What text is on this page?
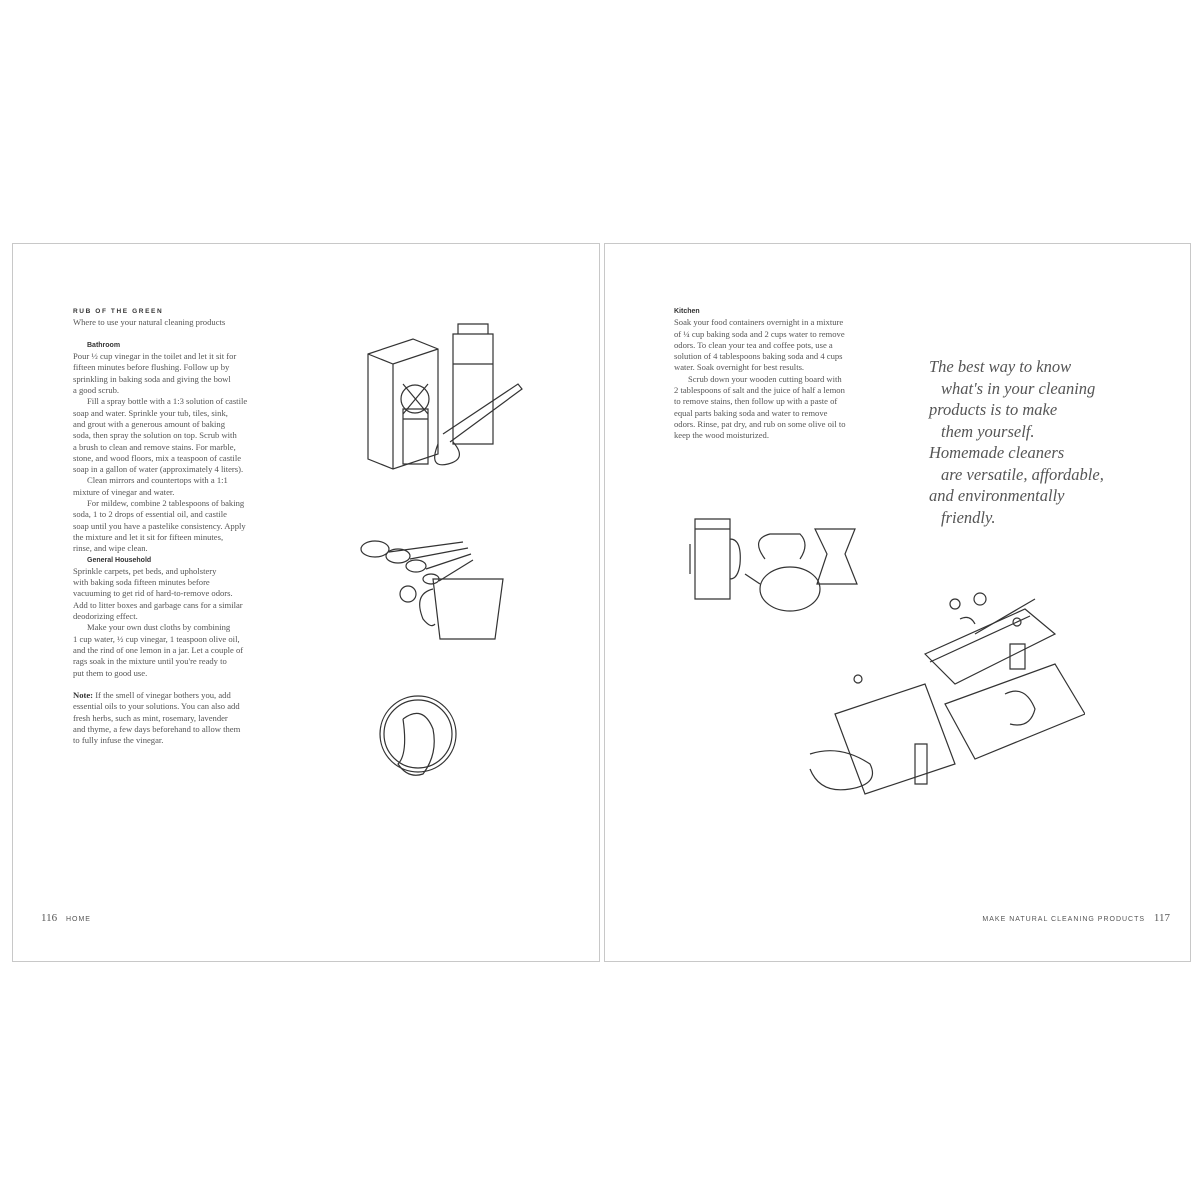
RUB OF THE GREEN
Where to use your natural cleaning products
Bathroom
Pour ½ cup vinegar in the toilet and let it sit for
fifteen minutes before flushing. Follow up by
sprinkling in baking soda and giving the bowl
a good scrub.
Fill a spray bottle with a 1:3 solution of castile
soap and water. Sprinkle your tub, tiles, sink,
and grout with a generous amount of baking
soda, then spray the solution on top. Scrub with
a brush to clean and remove stains. For marble,
stone, and wood floors, mix a teaspoon of castile
soap in a gallon of water (approximately 4 liters).
Clean mirrors and countertops with a 1:1
mixture of vinegar and water.
For mildew, combine 2 tablespoons of baking
soda, 1 to 2 drops of essential oil, and castile
soap until you have a pastelike consistency. Apply
the mixture and let it sit for fifteen minutes,
rinse, and wipe clean.
General Household
Sprinkle carpets, pet beds, and upholstery
with baking soda fifteen minutes before
vacuuming to get rid of hard-to-remove odors.
Add to litter boxes and garbage cans for a similar
deodorizing effect.
Make your own dust cloths by combining
1 cup water, ½ cup vinegar, 1 teaspoon olive oil,
and the rind of one lemon in a jar. Let a couple of
rags soak in the mixture until you're ready to
put them to good use.
Note: If the smell of vinegar bothers you, add
essential oils to your solutions. You can also add
fresh herbs, such as mint, rosemary, lavender
and thyme, a few days beforehand to allow them
to fully infuse the vinegar.
116 HOME
Kitchen
Soak your food containers overnight in a mixture
of ¼ cup baking soda and 2 cups water to remove
odors. To clean your tea and coffee pots, use a
solution of 4 tablespoons baking soda and 4 cups
water. Soak overnight for best results.
Scrub down your wooden cutting board with
2 tablespoons of salt and the juice of half a lemon
to remove stains, then follow up with a paste of
equal parts baking soda and water to remove
odors. Rinse, pat dry, and rub on some olive oil to
keep the wood moisturized.
The best way to know
what's in your cleaning
products is to make
them yourself.
Homemade cleaners
are versatile, affordable,
and environmentally
friendly.
MAKE NATURAL CLEANING PRODUCTS 117
